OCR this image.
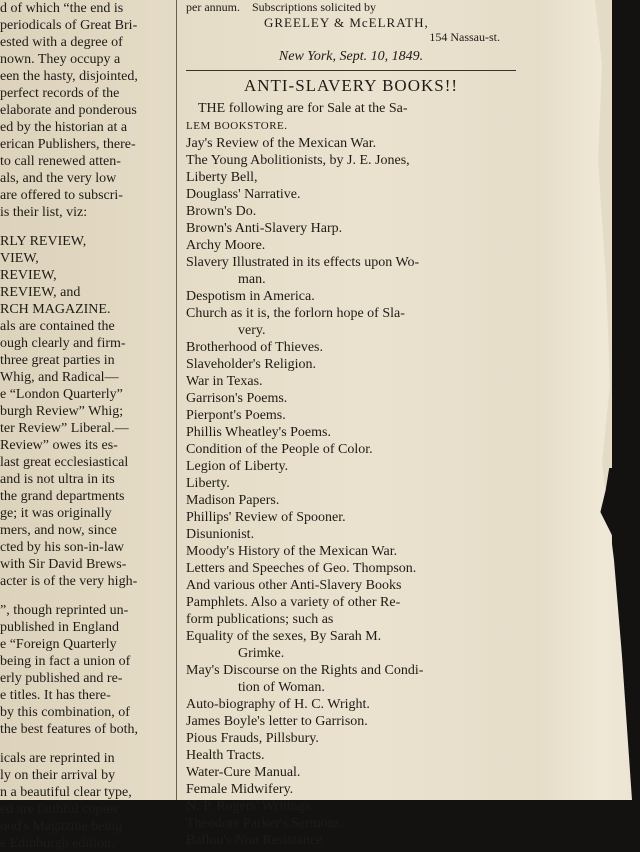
d of which “the end is
periodicals of Great Bri-
ested with a degree of
nown. They occupy a
een the hasty, disjointed,
perfect records of the
elaborate and ponderous
ed by the historian at a
erican Publishers, there-
to call renewed atten-
als, and the very low
are offered to subscri-
is their list, viz:
RLY REVIEW,
VIEW,
REVIEW,
REVIEW, and
RCH MAGAZINE.
als are contained the
ough clearly and firm-
three great parties in
Whig, and Radical—
e “London Quarterly”
burgh Review” Whig;
ter Review” Liberal.—
Review” owes its es-
last great ecclesiastical
and is not ultra in its
the grand departments
ge; it was originally
mers, and now, since
cted by his son-in-law
with Sir David Brews-
acter is of the very high-
”, though reprinted un-
published in England
e “Foreign Quarterly
being in fact a union of
erly published and re-
e titles. It has there-
by this combination, of
the best features of both,
icals are reprinted in
ly on their arrival by
n a beautiful clear type,
ed are faithful copies
ood's Magazine being
e Edinburgh edition.
per annum. Subscriptions solicited by
GREELEY & McELRATH,
154 Nassau-st.
New York, Sept. 10, 1849.
ANTI-SLAVERY BOOKS!!
THE following are for Sale at the Sa-
LEM BOOKSTORE.
Jay's Review of the Mexican War.
The Young Abolitionists, by J. E. Jones,
Liberty Bell,
Douglass' Narrative.
Brown's Do.
Brown's Anti-Slavery Harp.
Archy Moore.
Slavery Illustrated in its effects upon Wo-
man.
Despotism in America.
Church as it is, the forlorn hope of Sla-
very.
Brotherhood of Thieves.
Slaveholder's Religion.
War in Texas.
Garrison's Poems.
Pierpont's Poems.
Phillis Wheatley's Poems.
Condition of the People of Color.
Legion of Liberty.
Liberty.
Madison Papers.
Phillips' Review of Spooner.
Disunionist.
Moody's History of the Mexican War.
Letters and Speeches of Geo. Thompson.
And various other Anti-Slavery Books
Pamphlets. Also a variety of other Re-
form publications; such as
Equality of the sexes, By Sarah M.
Grimke.
May's Discourse on the Rights and Condi-
tion of Woman.
Auto-biography of H. C. Wright.
James Boyle's letter to Garrison.
Pious Frauds, Pillsbury.
Health Tracts.
Water-Cure Manual.
Female Midwifery.
N. P. Rogers' Writings.
Theodore Parker's Sermons.
Ballou's Non Resistance.
